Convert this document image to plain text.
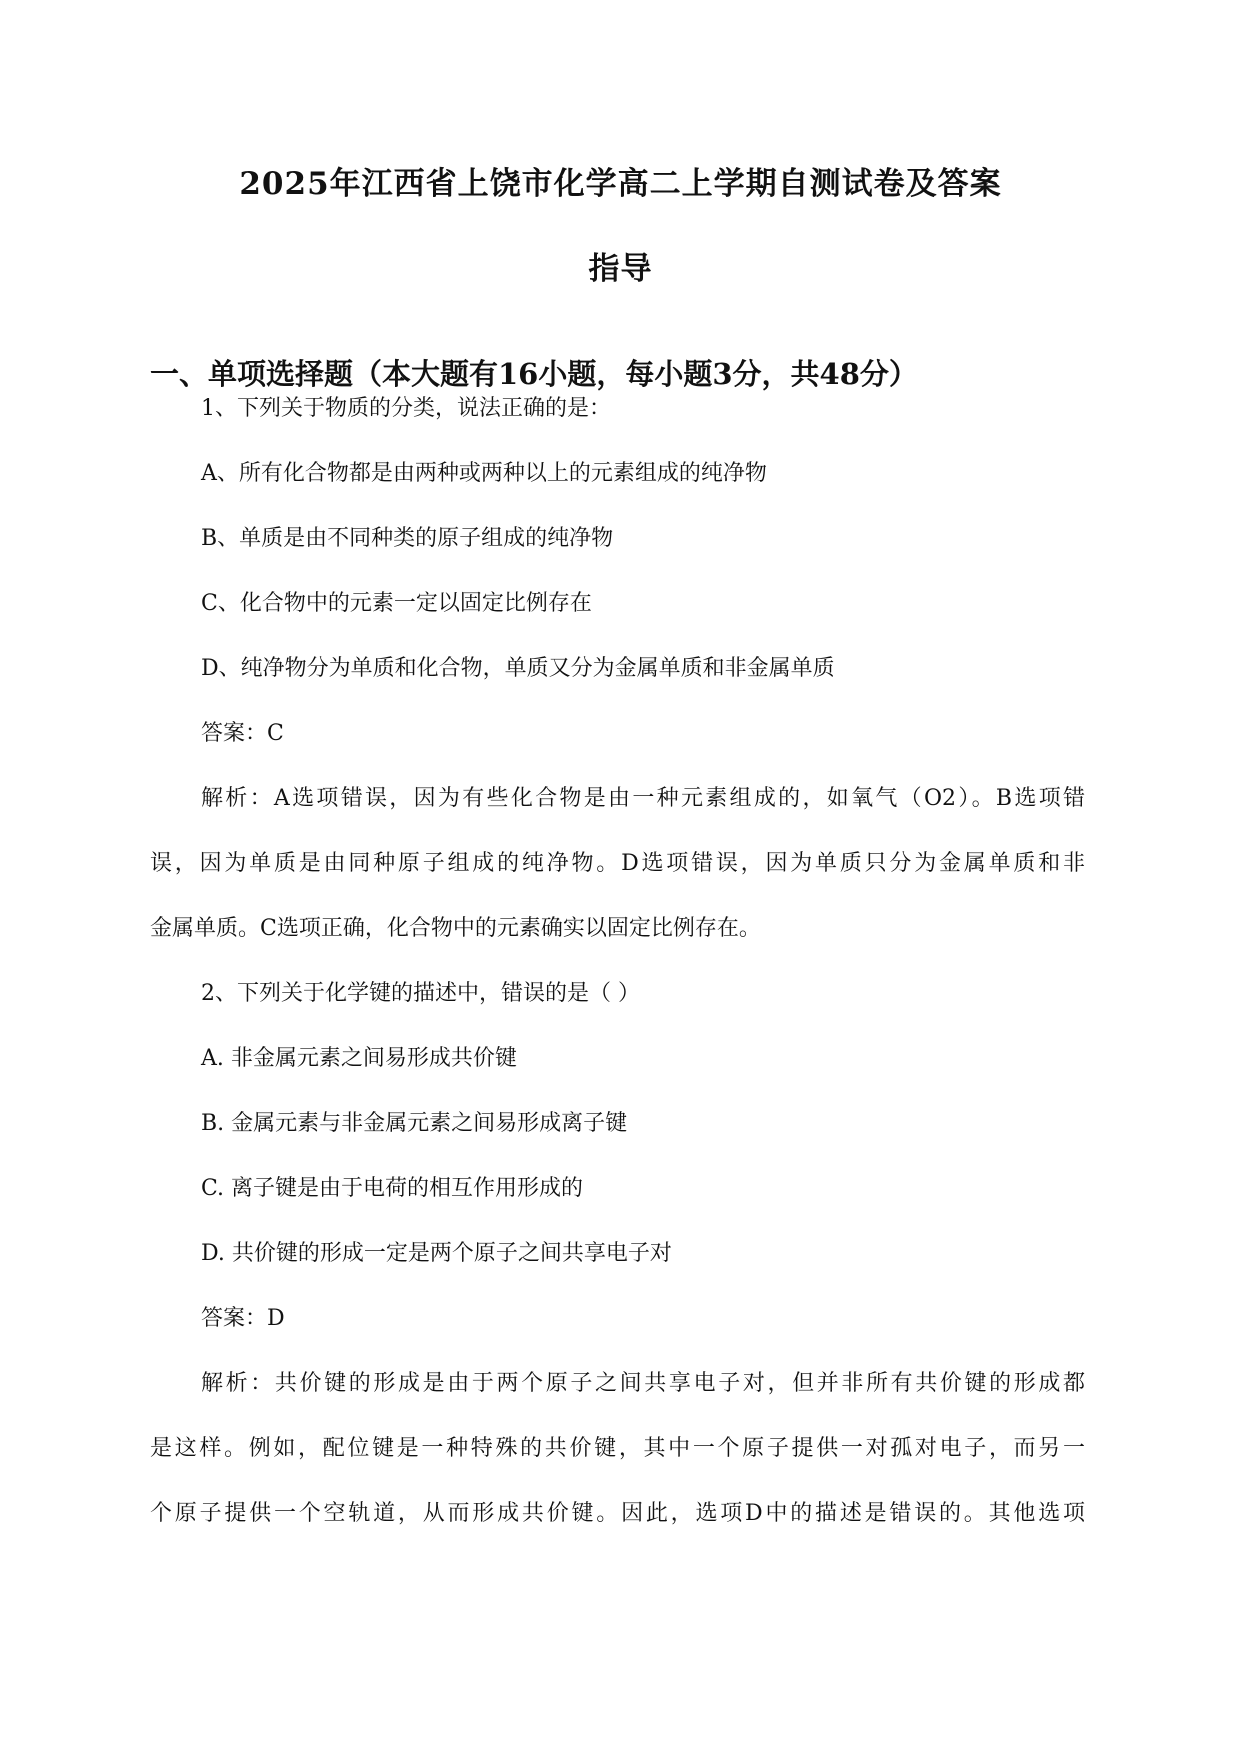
2025年江西省上饶市化学高二上学期自测试卷及答案
指导
一、单项选择题（本大题有16小题，每小题3分，共48分）
1、下列关于物质的分类，说法正确的是：
A、所有化合物都是由两种或两种以上的元素组成的纯净物
B、单质是由不同种类的原子组成的纯净物
C、化合物中的元素一定以固定比例存在
D、纯净物分为单质和化合物，单质又分为金属单质和非金属单质
答案：C
解析：A选项错误，因为有些化合物是由一种元素组成的，如氧气（O2）。B选项错
误，因为单质是由同种原子组成的纯净物。D选项错误，因为单质只分为金属单质和非
金属单质。C选项正确，化合物中的元素确实以固定比例存在。
2、下列关于化学键的描述中，错误的是（ ）
A. 非金属元素之间易形成共价键
B. 金属元素与非金属元素之间易形成离子键
C. 离子键是由于电荷的相互作用形成的
D. 共价键的形成一定是两个原子之间共享电子对
答案：D
解析：共价键的形成是由于两个原子之间共享电子对，但并非所有共价键的形成都
是这样。例如，配位键是一种特殊的共价键，其中一个原子提供一对孤对电子，而另一
个原子提供一个空轨道，从而形成共价键。因此，选项D中的描述是错误的。其他选项
